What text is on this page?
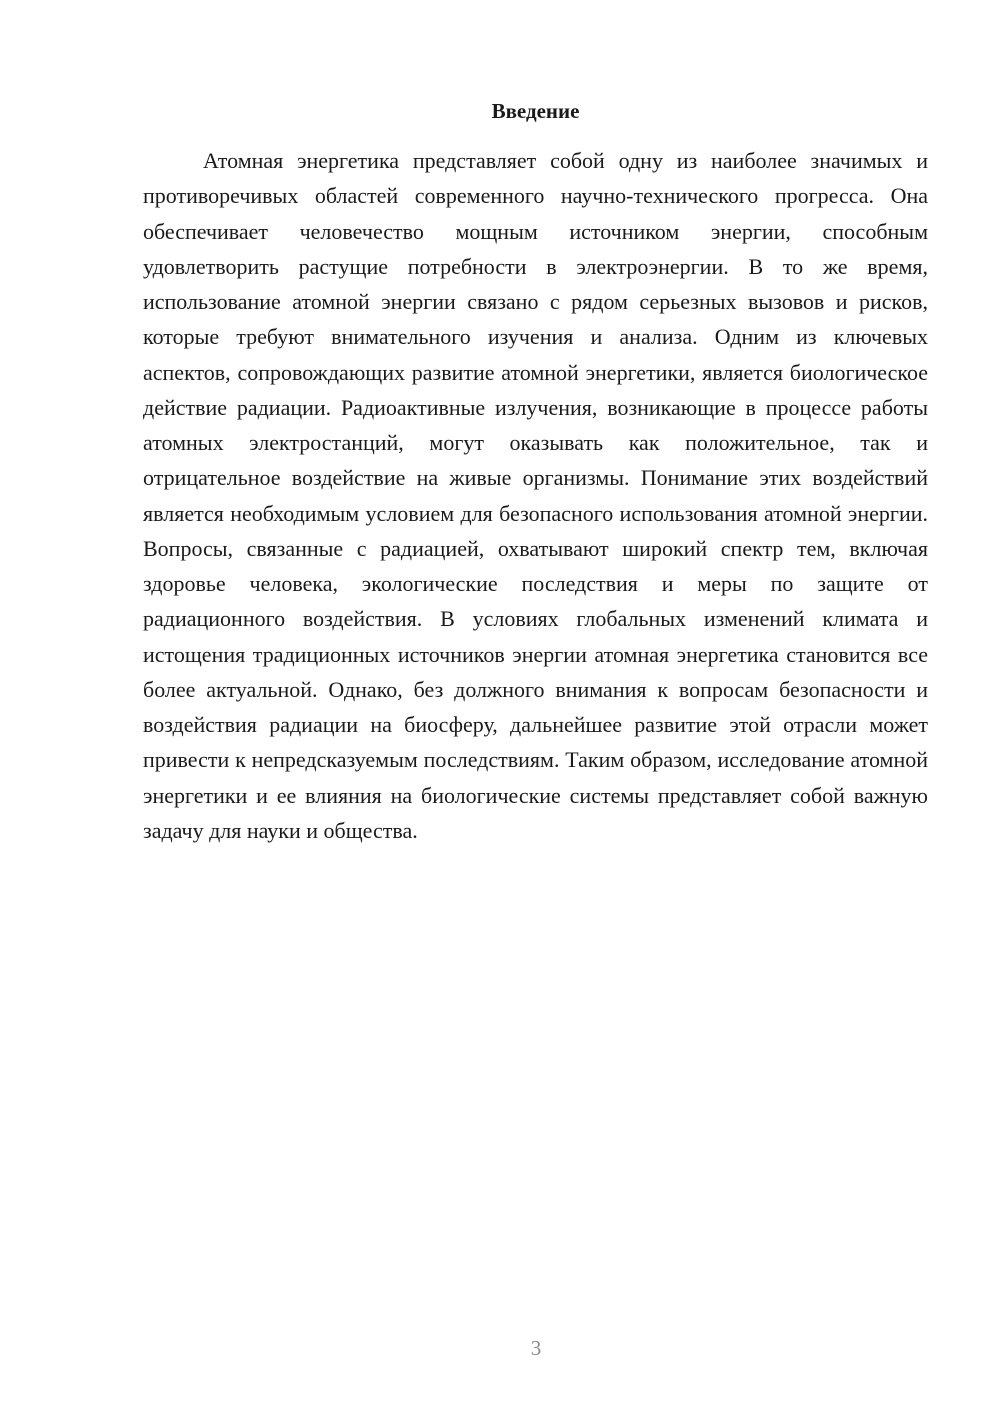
Введение

Атомная энергетика представляет собой одну из наиболее значимых и противоречивых областей современного научно-технического прогресса. Она обеспечивает человечество мощным источником энергии, способным удовлетворить растущие потребности в электроэнергии. В то же время, использование атомной энергии связано с рядом серьезных вызовов и рисков, которые требуют внимательного изучения и анализа. Одним из ключевых аспектов, сопровождающих развитие атомной энергетики, является биологическое действие радиации. Радиоактивные излучения, возникающие в процессе работы атомных электростанций, могут оказывать как положительное, так и отрицательное воздействие на живые организмы. Понимание этих воздействий является необходимым условием для безопасного использования атомной энергии. Вопросы, связанные с радиацией, охватывают широкий спектр тем, включая здоровье человека, экологические последствия и меры по защите от радиационного воздействия. В условиях глобальных изменений климата и истощения традиционных источников энергии атомная энергетика становится все более актуальной. Однако, без должного внимания к вопросам безопасности и воздействия радиации на биосферу, дальнейшее развитие этой отрасли может привести к непредсказуемым последствиям. Таким образом, исследование атомной энергетики и ее влияния на биологические системы представляет собой важную задачу для науки и общества.

3
